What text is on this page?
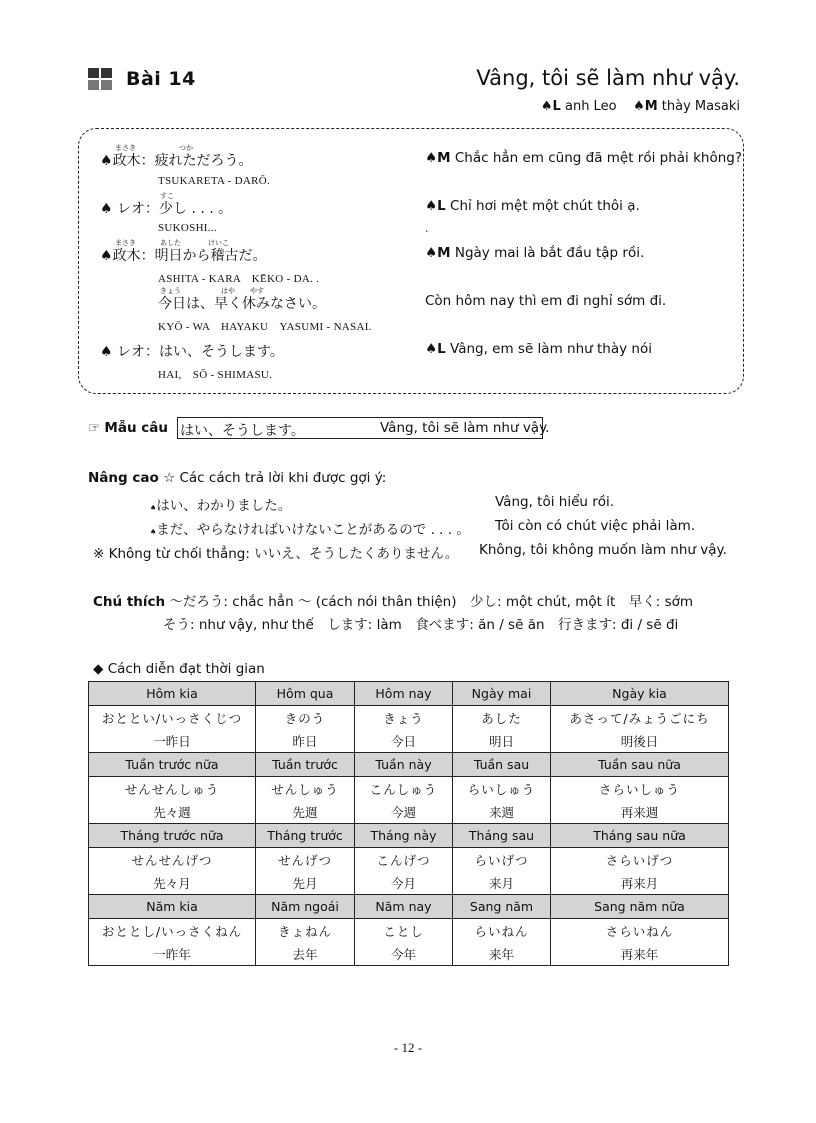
Bài 14	Vâng, tôi sẽ làm như vậy.
♠L anh Leo ♠M thày Masaki
♠政木：疲れただろう。
まさき	つか
TSUKARETA - DARŌ.
♠M Chắc hẳn em cũng đã mệt rồi phải không?
♠ レオ：少し . . . 。
すこ
SUKOSHI...
♠L Chỉ hơi mệt một chút thôi ạ.
.
♠政木：明日から稽古だ。
まさき	あした	けいこ
ASHITA - KARA　KĒKO - DA. .
♠M Ngày mai là bắt đầu tập rồi.
今日は、早く休みなさい。
きょう	はや やす
KYŌ - WA　HAYAKU　YASUMI - NASAI.
Còn hôm nay thì em đi nghỉ sớm đi.
♠ レオ：はい、そうします。
HAI,　SŌ - SHIMASU.
♠L Vâng, em sẽ làm như thày nói
☞ Mẫu câu はい、そうします。	Vâng, tôi sẽ làm như vậy.
Nâng cao ☆ Các cách trả lời khi được gợi ý:
♠はい、わかりました。	Vâng, tôi hiểu rồi.
♠まだ、やらなければいけないことがあるので . . . 。 Tôi còn có chút việc phải làm.
※ Không từ chối thẳng: いいえ、そうしたくありません。 Không, tôi không muốn làm như vậy.
Chú thích ～だろう: chắc hẳn ～ (cách nói thân thiện)　少し: một chút, một ít　早く: sớm
そう: như vậy, như thế　します: làm　食べます: ăn / sẽ ăn　行きます: đi / sẽ đi
◆ Cách diễn đạt thời gian
Hôm kia	Hôm qua	Hôm nay	Ngày mai	Ngày kia
おととい/いっさくじつ	きのう	きょう	あした	あさって/みょうごにち
一昨日	昨日	今日	明日	明後日
Tuần trước nữa	Tuần trước	Tuần này	Tuần sau	Tuần sau nữa
せんせんしゅう	せんしゅう	こんしゅう	らいしゅう	さらいしゅう
先々週	先週	今週	来週	再来週
Tháng trước nữa	Tháng trước	Tháng này	Tháng sau	Tháng sau nữa
せんせんげつ	せんげつ	こんげつ	らいげつ	さらいげつ
先々月	先月	今月	来月	再来月
Năm kia	Năm ngoái	Năm nay	Sang năm	Sang năm nữa
おととし/いっさくねん	きょねん	ことし	らいねん	さらいねん
一昨年	去年	今年	来年	再来年
- 12 -
